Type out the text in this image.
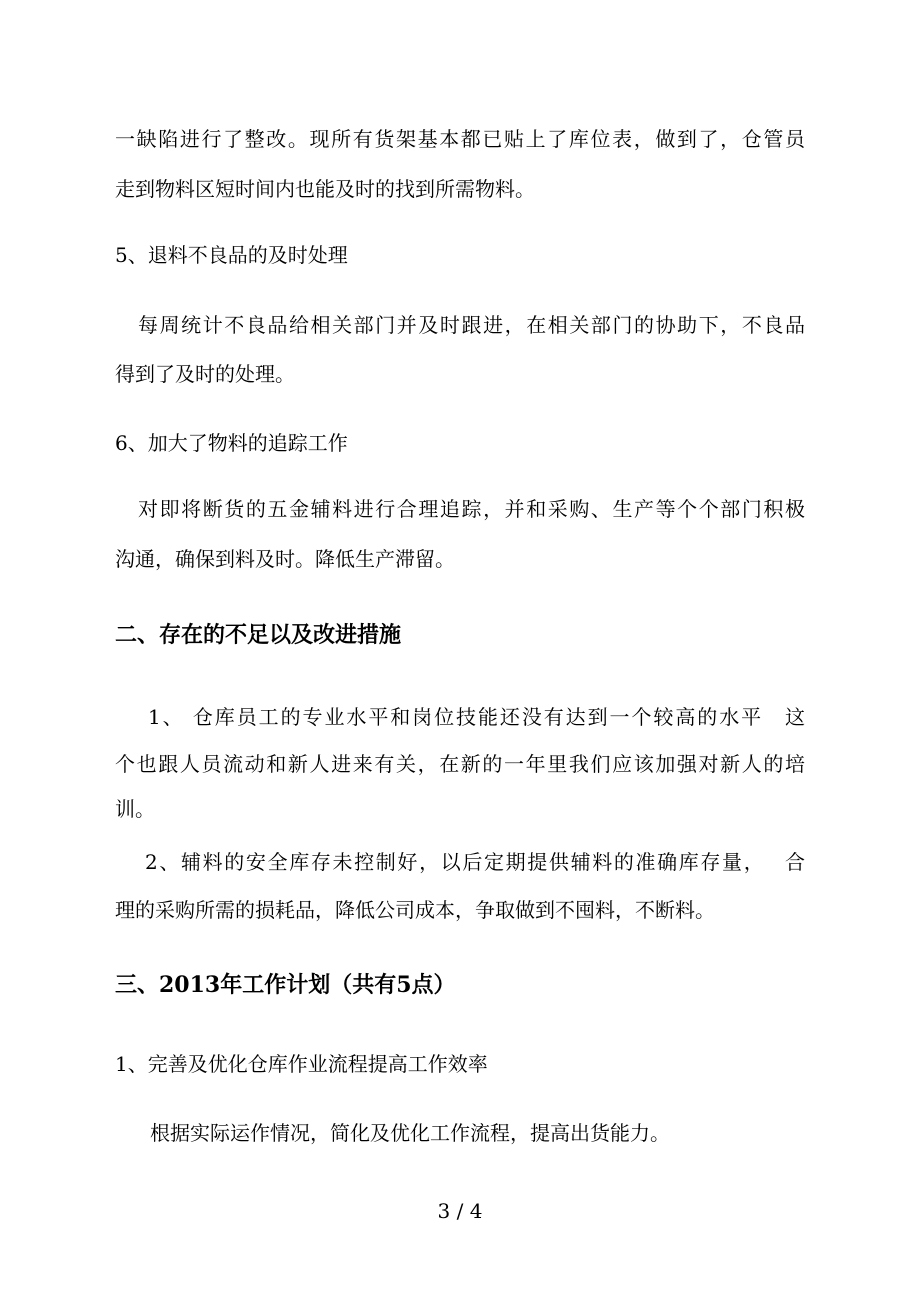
一缺陷进行了整改。现所有货架基本都已贴上了库位表，做到了，仓管员
走到物料区短时间内也能及时的找到所需物料。
5、退料不良品的及时处理
每周统计不良品给相关部门并及时跟进，在相关部门的协助下，不良品
得到了及时的处理。
6、加大了物料的追踪工作
对即将断货的五金辅料进行合理追踪，并和采购、生产等个个部门积极
沟通，确保到料及时。降低生产滞留。
二、存在的不足以及改进措施
1、 仓库员工的专业水平和岗位技能还没有达到一个较高的水平　这
个也跟人员流动和新人进来有关，在新的一年里我们应该加强对新人的培
训。
2、辅料的安全库存未控制好，以后定期提供辅料的准确库存量，　 合
理的采购所需的损耗品，降低公司成本，争取做到不囤料，不断料。
三、2013年工作计划（共有5点）
1、完善及优化仓库作业流程提高工作效率
根据实际运作情况，简化及优化工作流程，提高出货能力。
3 / 4
